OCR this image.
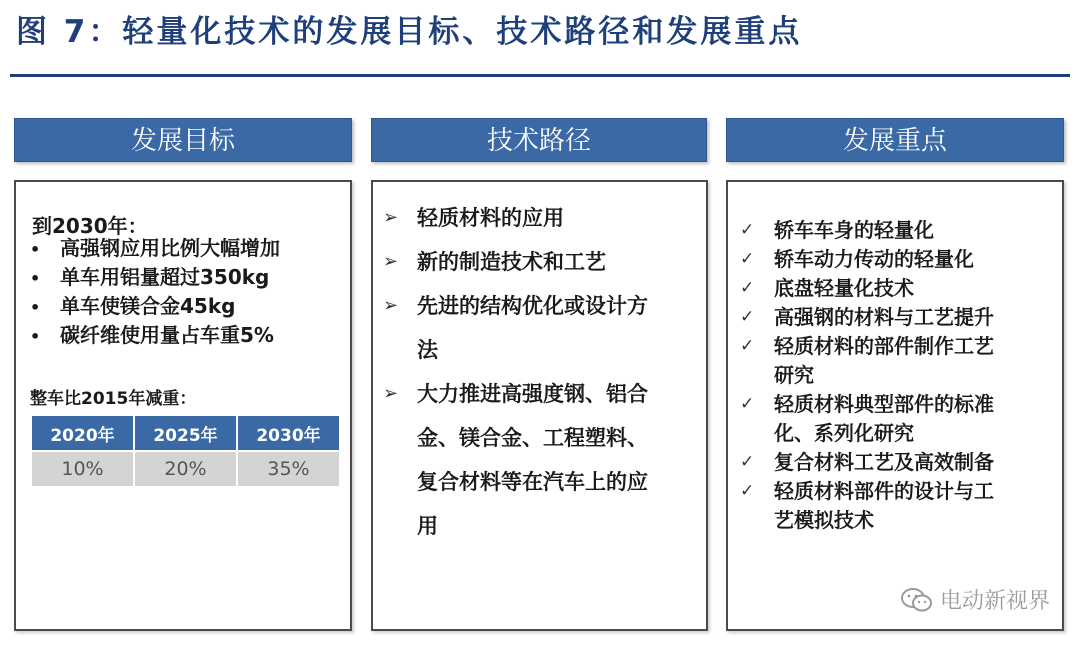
图 7：轻量化技术的发展目标、技术路径和发展重点
发展目标
到2030年：
• 高强钢应用比例大幅增加
• 单车用铝量超过350kg
• 单车使镁合金45kg
• 碳纤维使用量占车重5%
整车比2015年减重：
2020年	2025年	2030年
10%	20%	35%
技术路径
➢ 轻质材料的应用
➢ 新的制造技术和工艺
➢ 先进的结构优化或设计方
法
➢ 大力推进高强度钢、铝合
金、镁合金、工程塑料、
复合材料等在汽车上的应
用
发展重点
✓ 轿车车身的轻量化
✓ 轿车动力传动的轻量化
✓ 底盘轻量化技术
✓ 高强钢的材料与工艺提升
✓ 轻质材料的部件制作工艺
研究
✓ 轻质材料典型部件的标准
化、系列化研究
✓ 复合材料工艺及高效制备
✓ 轻质材料部件的设计与工
艺模拟技术
电动新视界
